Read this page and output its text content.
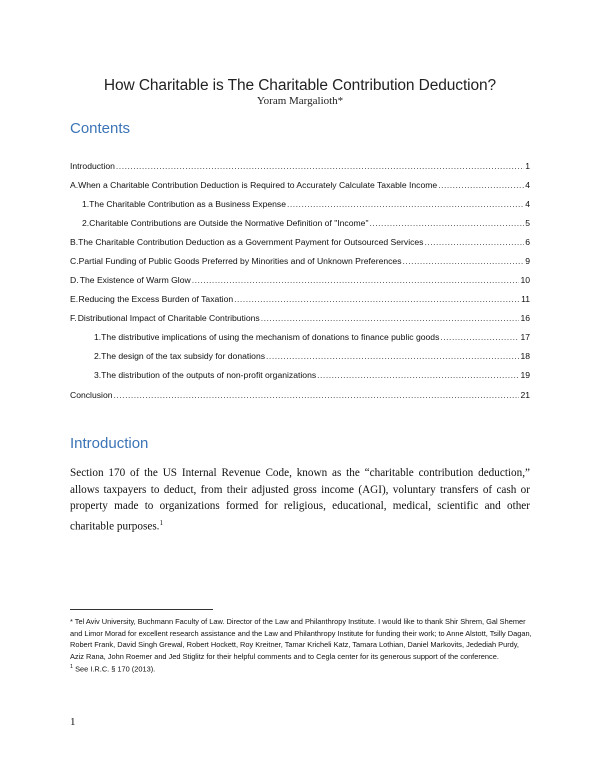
How Charitable is The Charitable Contribution Deduction?
Yoram Margalioth*
Contents
Introduction .....	1
A. When a Charitable Contribution Deduction is Required to Accurately Calculate Taxable Income .....	4
1. The Charitable Contribution as a Business Expense .....	4
2. Charitable Contributions are Outside the Normative Definition of "Income" .....	5
B. The Charitable Contribution Deduction as a Government Payment for Outsourced Services .....	6
C. Partial Funding of Public Goods Preferred by Minorities and of Unknown Preferences .....	9
D. The Existence of Warm Glow .....	10
E. Reducing the Excess Burden of Taxation .....	11
F. Distributional Impact of Charitable Contributions .....	16
1. The distributive implications of using the mechanism of donations to finance public goods .....	17
2. The design of the tax subsidy for donations .....	18
3. The distribution of the outputs of non-profit organizations .....	19
Conclusion .....	21
Introduction
Section 170 of the US Internal Revenue Code, known as the “charitable contribution deduction,” allows taxpayers to deduct, from their adjusted gross income (AGI), voluntary transfers of cash or property made to organizations formed for religious, educational, medical, scientific and other charitable purposes.$^1$
* Tel Aviv University, Buchmann Faculty of Law. Director of the Law and Philanthropy Institute. I would like to thank Shir Shrem, Gal Shemer and Limor Morad for excellent research assistance and the Law and Philanthropy Institute for funding their work; to Anne Alstott, Tsilly Dagan, Robert Frank, David Singh Grewal, Robert Hockett, Roy Kreitner, Tamar Kricheli Katz, Tamara Lothian, Daniel Markovits, Jedediah Purdy, Aziz Rana, John Roemer and Jed Stiglitz for their helpful comments and to Cegla center for its generous support of the conference.
$^1$ See I.R.C. § 170 (2013).
1
